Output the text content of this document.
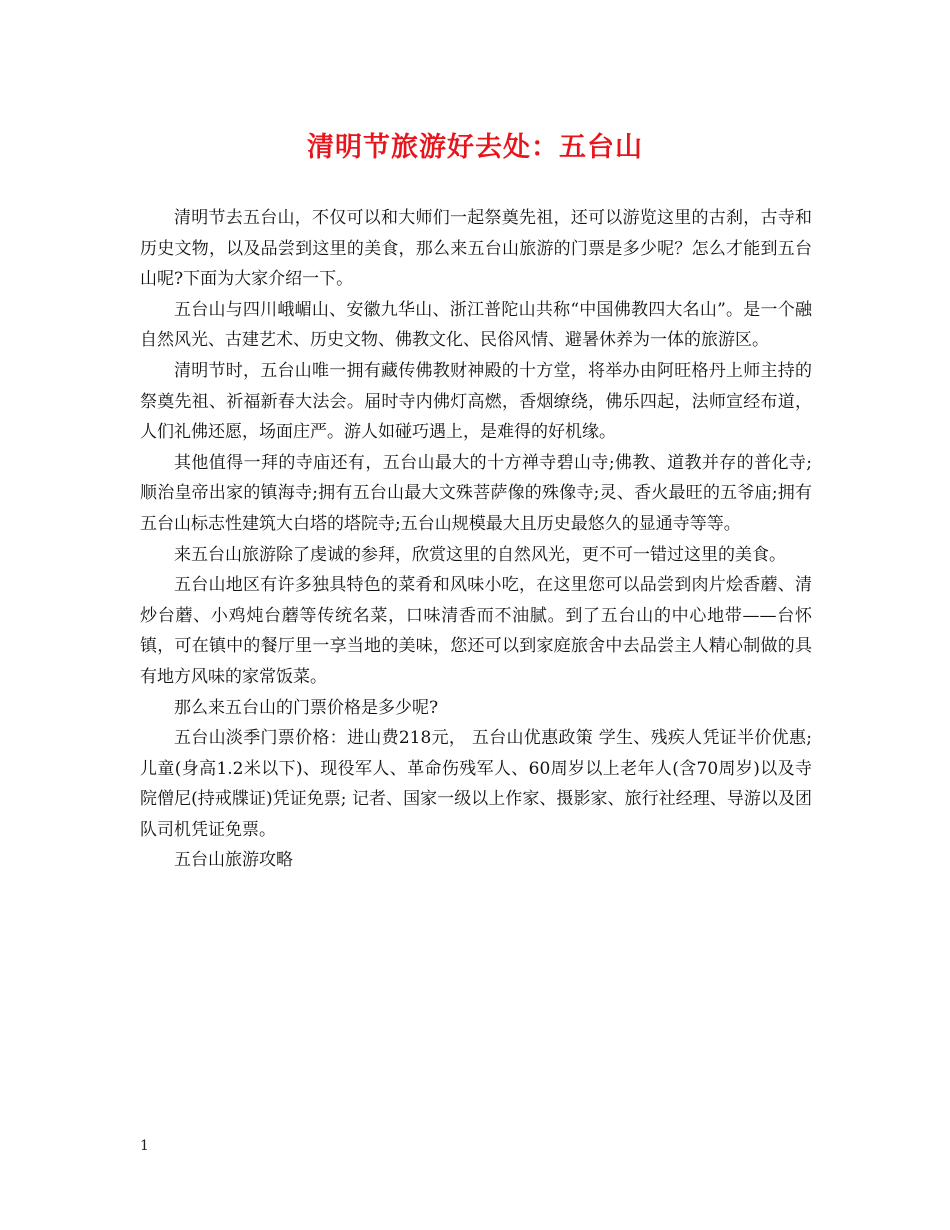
清明节旅游好去处：五台山

清明节去五台山，不仅可以和大师们一起祭奠先祖，还可以游览这里的古刹，古寺和历史文物，以及品尝到这里的美食，那么来五台山旅游的门票是多少呢？怎么才能到五台山呢?下面为大家介绍一下。

五台山与四川峨嵋山、安徽九华山、浙江普陀山共称“中国佛教四大名山”。是一个融自然风光、古建艺术、历史文物、佛教文化、民俗风情、避暑休养为一体的旅游区。

清明节时，五台山唯一拥有藏传佛教财神殿的十方堂，将举办由阿旺格丹上师主持的祭奠先祖、祈福新春大法会。届时寺内佛灯高燃，香烟缭绕，佛乐四起，法师宣经布道，人们礼佛还愿，场面庄严。游人如碰巧遇上，是难得的好机缘。

其他值得一拜的寺庙还有，五台山最大的十方禅寺碧山寺;佛教、道教并存的普化寺;顺治皇帝出家的镇海寺;拥有五台山最大文殊菩萨像的殊像寺;灵、香火最旺的五爷庙;拥有五台山标志性建筑大白塔的塔院寺;五台山规模最大且历史最悠久的显通寺等等。

来五台山旅游除了虔诚的参拜，欣赏这里的自然风光，更不可一错过这里的美食。

五台山地区有许多独具特色的菜肴和风味小吃，在这里您可以品尝到肉片烩香蘑、清炒台蘑、小鸡炖台蘑等传统名菜，口味清香而不油腻。到了五台山的中心地带——台怀镇，可在镇中的餐厅里一享当地的美味，您还可以到家庭旅舍中去品尝主人精心制做的具有地方风味的家常饭菜。

那么来五台山的门票价格是多少呢?

五台山淡季门票价格：进山费218元， 五台山优惠政策 学生、残疾人凭证半价优惠; 儿童(身高1.2米以下)、现役军人、革命伤残军人、60周岁以上老年人(含70周岁)以及寺院僧尼(持戒牒证)凭证免票; 记者、国家一级以上作家、摄影家、旅行社经理、导游以及团队司机凭证免票。

五台山旅游攻略

1
